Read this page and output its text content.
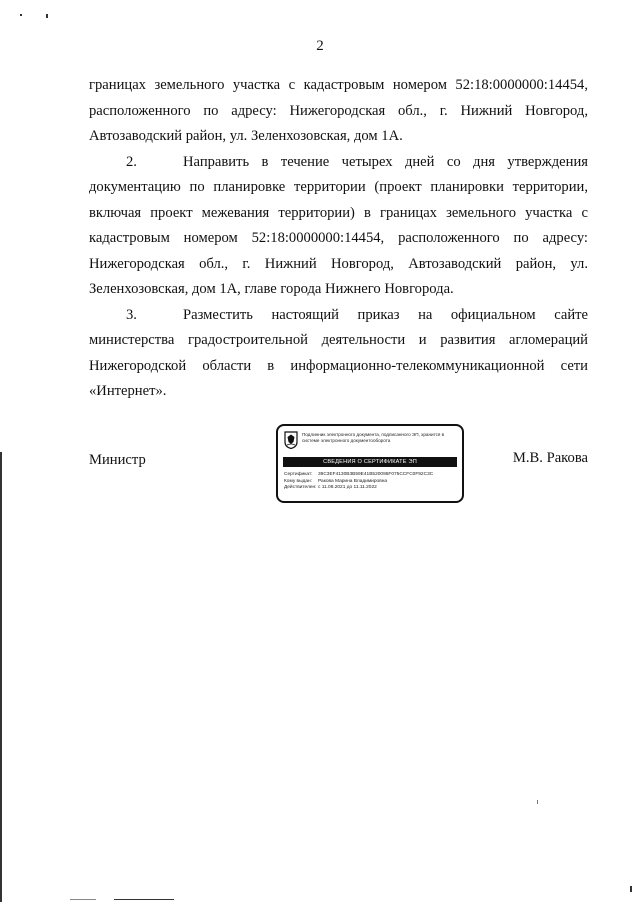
2

границах земельного участка с кадастровым номером 52:18:0000000:14454, расположенного по адресу: Нижегородская обл., г. Нижний Новгород, Автозаводский район, ул. Зеленхозовская, дом 1А.

2.	Направить в течение четырех дней со дня утверждения документацию по планировке территории (проект планировки территории, включая проект межевания территории) в границах земельного участка с кадастровым номером 52:18:0000000:14454, расположенного по адресу: Нижегородская обл., г. Нижний Новгород, Автозаводский район, ул. Зеленхозовская, дом 1А, главе города Нижнего Новгорода.

3.	Разместить настоящий приказ на официальном сайте министерства градостроительной деятельности и развития агломераций Нижегородской области в информационно-телекоммуникационной сети «Интернет».

Министр
Подлинник электронного документа, подписанного ЭП, хранится в системе электронного документооборота
СВЕДЕНИЯ О СЕРТИФИКАТЕ ЭП
Сертификат:	39C3EF4130B3B59E41B520095F075CCFC0F92C3C
Кому выдан:	Ракова Марина Владимировна
Действителен: с 11.08.2021 до 11.11.2022
М.В. Ракова
